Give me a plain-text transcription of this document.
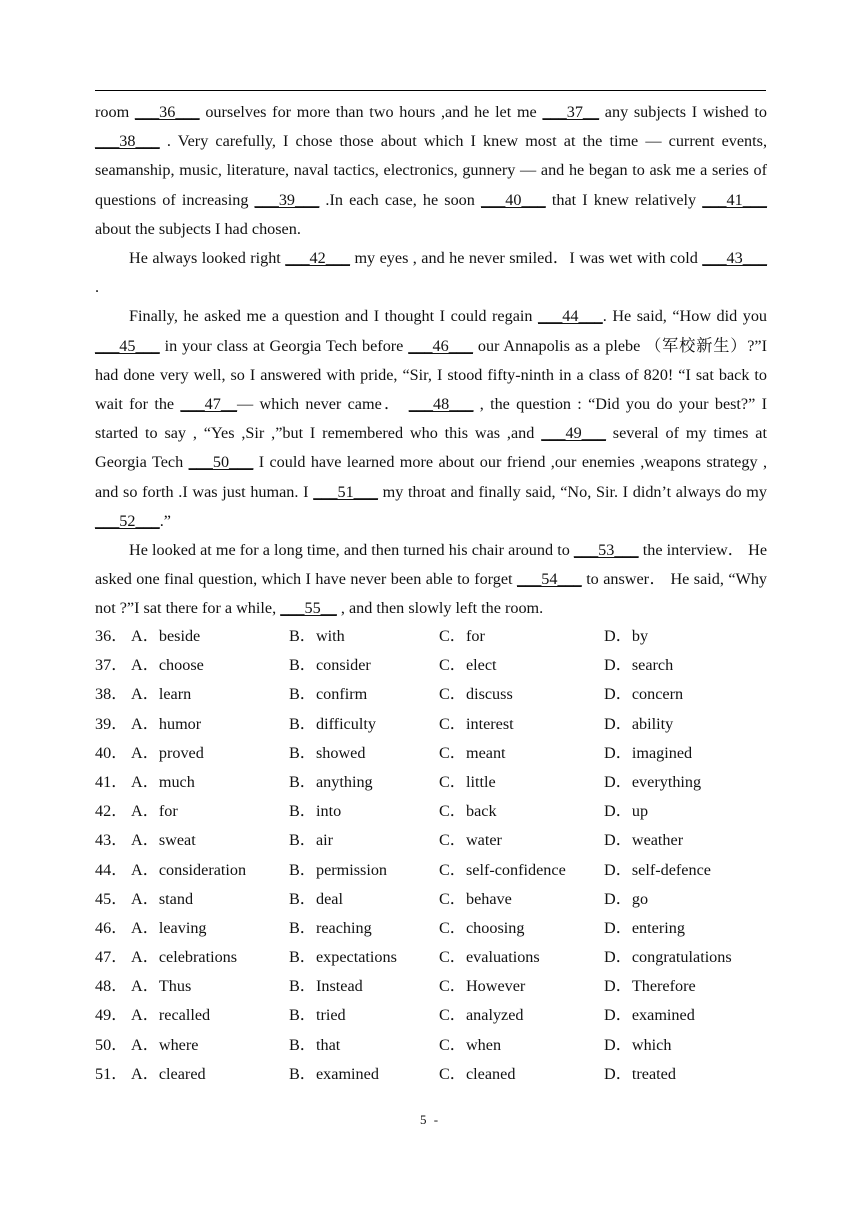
room ___36___ ourselves for more than two hours ,and he let me ___37__ any subjects I wished to ___38___ . Very carefully, I chose those about which I knew most at the time — current events, seamanship, music, literature, naval tactics, electronics, gunnery — and he began to ask me a series of questions of increasing ___39___ .In each case, he soon ___40___ that I knew relatively ___41___ about the subjects I had chosen.

He always looked right ___42___ my eyes , and he never smiled．I was wet with cold ___43___ .

Finally, he asked me a question and I thought I could regain ___44___. He said, “How did you ___45___ in your class at Georgia Tech before ___46___ our Annapolis as a plebe （军校新生）?”I had done very well, so I answered with pride, “Sir, I stood fifty-ninth in a class of 820! “I sat back to wait for the ___47__— which never came． ___48___ , the question : “Did you do your best?” I started to say , “Yes ,Sir ,”but I remembered who this was ,and ___49___ several of my times at Georgia Tech ___50___ I could have learned more about our friend ,our enemies ,weapons strategy , and so forth .I was just human. I ___51___ my throat and finally said, “No, Sir. I didn’t always do my ___52___.”

He looked at me for a long time, and then turned his chair around to ___53___ the interview． He asked one final question, which I have never been able to forget ___54___ to answer． He said, “Why not ?”I sat there for a while, ___55__ , and then slowly left the room.

36． A．beside	B．with	C．for	D．by
37． A．choose	B．consider	C．elect	D．search
38． A．learn	B．confirm	C．discuss	D．concern
39． A．humor	B．difficulty	C．interest	D．ability
40． A．proved	B．showed	C．meant	D．imagined
41． A．much	B．anything	C．little	D．everything
42． A．for	B．into	C．back	D．up
43． A．sweat	B．air	C．water	D．weather
44． A．consideration	B．permission	C．self-confidence D．self-defence
45． A．stand	B．deal	C．behave	D．go
46． A．leaving	B．reaching	C．choosing	D．entering
47． A．celebrations	B．expectations	C．evaluations	D．congratulations
48． A．Thus	B．Instead	C．However	D．Therefore
49． A．recalled	B．tried	C．analyzed	D．examined
50． A．where	B．that	C．when	D．which
51． A．cleared	B．examined	C．cleaned	D．treated
5 -
